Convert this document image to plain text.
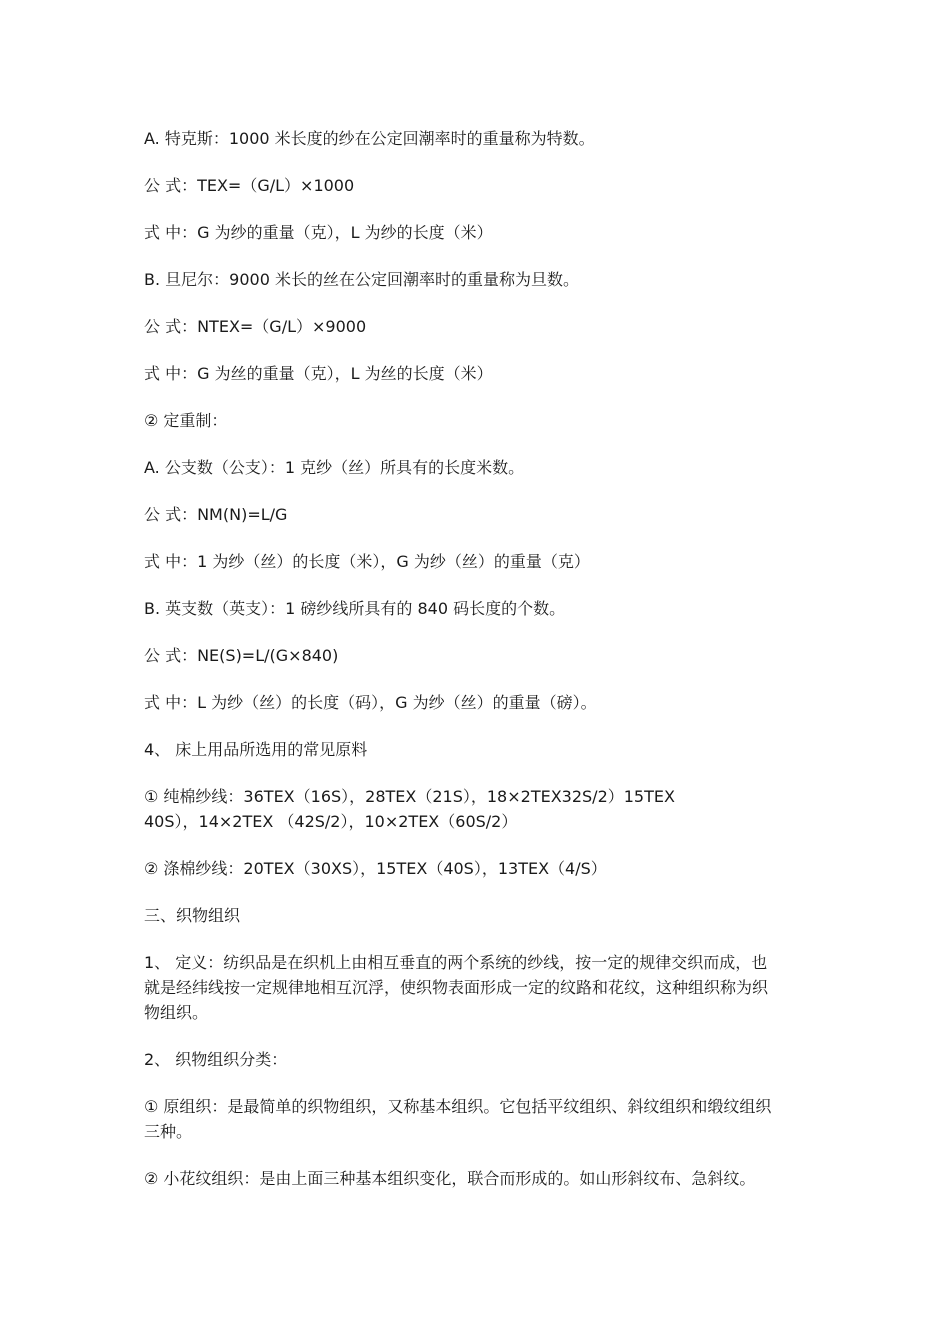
A. 特克斯：1000 米长度的纱在公定回潮率时的重量称为特数。

公 式：TEX=（G/L）×1000

式 中：G 为纱的重量（克），L 为纱的长度（米）

B. 旦尼尔：9000 米长的丝在公定回潮率时的重量称为旦数。

公 式：NTEX=（G/L）×9000

式 中：G 为丝的重量（克），L 为丝的长度（米）

② 定重制：

A. 公支数（公支）：1 克纱（丝）所具有的长度米数。

公 式：NM(N)=L/G

式 中：1 为纱（丝）的长度（米），G 为纱（丝）的重量（克）

B. 英支数（英支）：1 磅纱线所具有的 840 码长度的个数。

公 式：NE(S)=L/(G×840)

式 中：L 为纱（丝）的长度（码），G 为纱（丝）的重量（磅）。

4、 床上用品所选用的常见原料

① 纯棉纱线：36TEX（16S），28TEX（21S），18×2TEX32S/2）15TEX
40S），14×2TEX （42S/2），10×2TEX（60S/2）

② 涤棉纱线：20TEX（30XS），15TEX（40S），13TEX（4/S）

三、织物组织

1、 定义：纺织品是在织机上由相互垂直的两个系统的纱线，按一定的规律交织而成，也
就是经纬线按一定规律地相互沉浮，使织物表面形成一定的纹路和花纹，这种组织称为织
物组织。

2、 织物组织分类：

① 原组织：是最简单的织物组织，又称基本组织。它包括平纹组织、斜纹组织和缎纹组织
三种。

② 小花纹组织：是由上面三种基本组织变化，联合而形成的。如山形斜纹布、急斜纹。
